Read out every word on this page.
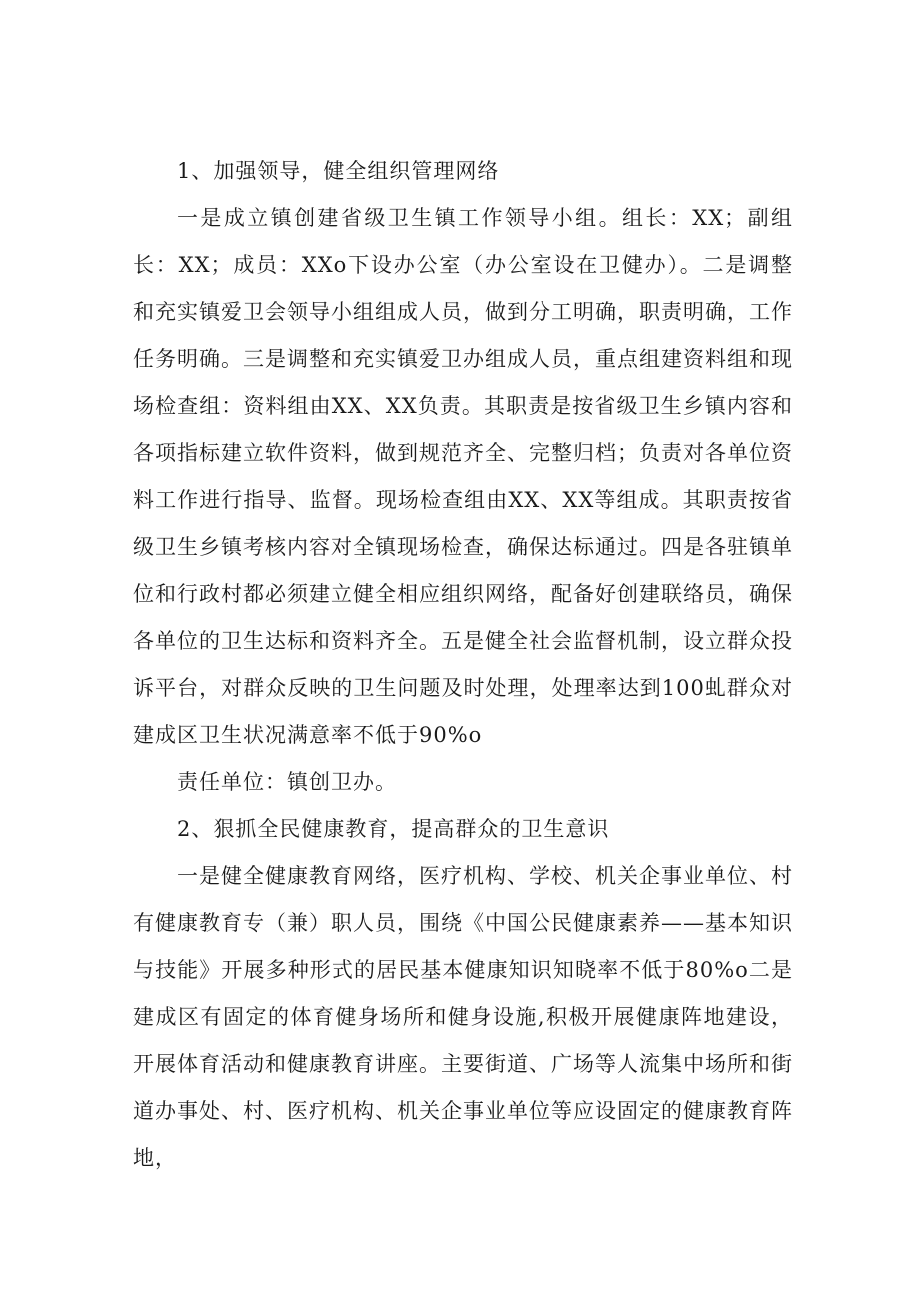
1、加强领导，健全组织管理网络

一是成立镇创建省级卫生镇工作领导小组。组长：XX；副组长：XX；成员：XXo下设办公室（办公室设在卫健办）。二是调整和充实镇爱卫会领导小组组成人员，做到分工明确，职责明确，工作任务明确。三是调整和充实镇爱卫办组成人员，重点组建资料组和现场检查组：资料组由XX、XX负责。其职责是按省级卫生乡镇内容和各项指标建立软件资料，做到规范齐全、完整归档；负责对各单位资料工作进行指导、监督。现场检查组由XX、XX等组成。其职责按省级卫生乡镇考核内容对全镇现场检查，确保达标通过。四是各驻镇单位和行政村都必须建立健全相应组织网络，配备好创建联络员，确保各单位的卫生达标和资料齐全。五是健全社会监督机制，设立群众投诉平台，对群众反映的卫生问题及时处理，处理率达到100虬群众对建成区卫生状况满意率不低于90%o

责任单位：镇创卫办。

2、狠抓全民健康教育，提高群众的卫生意识

一是健全健康教育网络，医疗机构、学校、机关企事业单位、村有健康教育专（兼）职人员，围绕《中国公民健康素养——基本知识与技能》开展多种形式的居民基本健康知识知晓率不低于80%o二是建成区有固定的体育健身场所和健身设施,积极开展健康阵地建设，开展体育活动和健康教育讲座。主要街道、广场等人流集中场所和街道办事处、村、医疗机构、机关企事业单位等应设固定的健康教育阵地，
